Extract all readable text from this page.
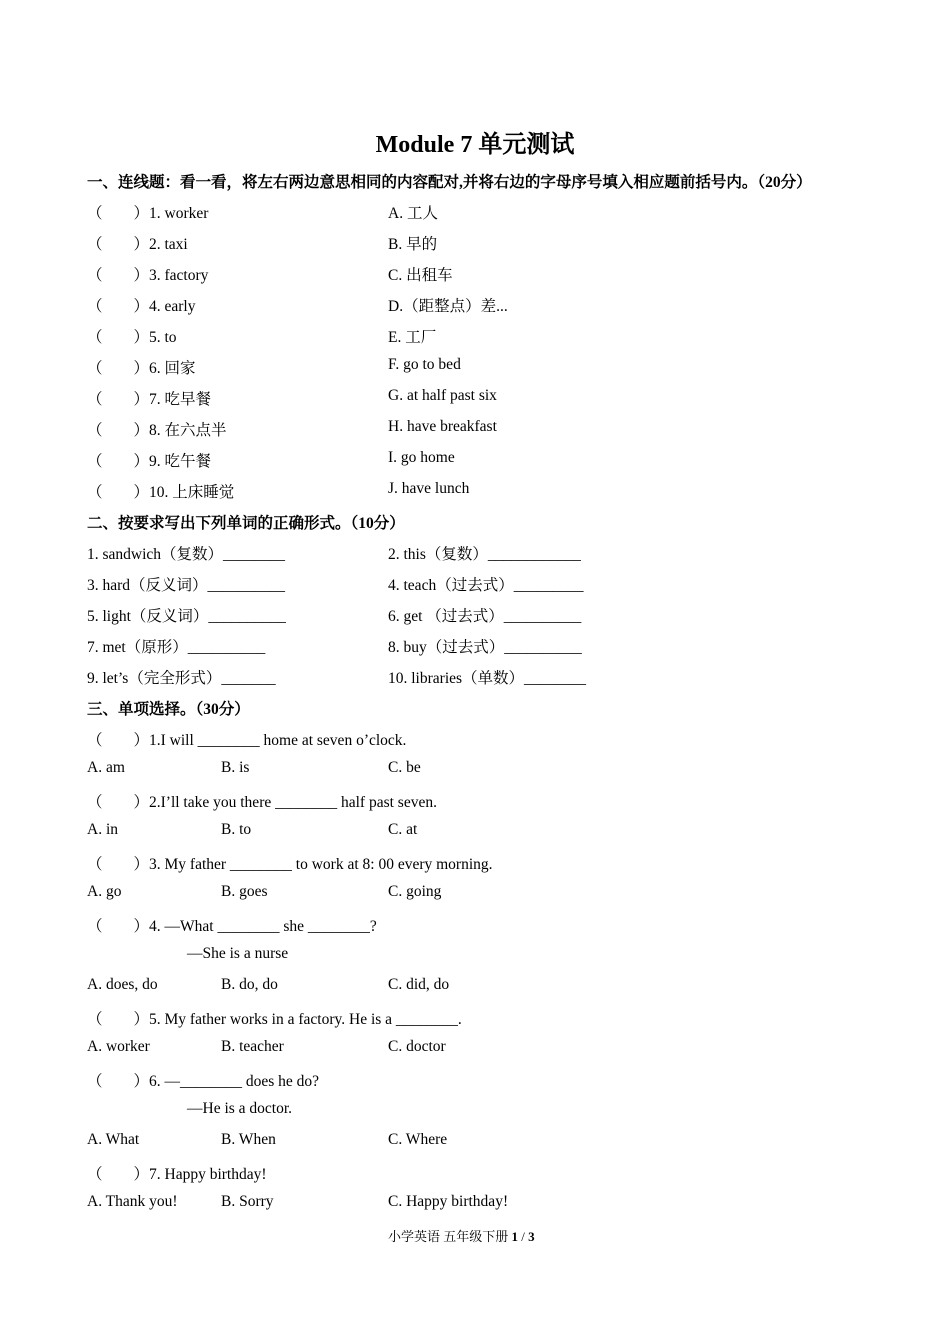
Module 7 单元测试
一、连线题：看一看，将左右两边意思相同的内容配对,并将右边的字母序号填入相应题前括号内。（20分）
（　　）1. worker	A. 工人
（　　）2. taxi	B. 早的
（　　）3. factory	C. 出租车
（　　）4. early	D.（距整点）差...
（　　）5. to	E. 工厂
（　　）6. 回家	F. go to bed
（　　）7. 吃早餐	G. at half past six
（　　）8. 在六点半	H. have breakfast
（　　）9. 吃午餐	I. go home
（　　）10. 上床睡觉	J. have lunch
二、按要求写出下列单词的正确形式。（10分）
1. sandwich（复数）________	2. this（复数）____________
3. hard（反义词）__________	4. teach（过去式）_________
5. light（反义词）__________	6. get （过去式）__________
7. met（原形）__________	8. buy（过去式）__________
9. let’s（完全形式）_______	10. libraries（单数）________
三、单项选择。（30分）
（　　）1.I will ________ home at seven o’clock.
A. am	B. is	C. be
（　　）2.I’ll take you there ________ half past seven.
A. in	B. to	C. at
（　　）3. My father ________ to work at 8: 00 every morning.
A. go	B. goes	C. going
（　　）4. —What ________ she ________?
—She is a nurse
A. does, do	B. do, do	C. did, do
（　　）5. My father works in a factory. He is a ________.
A. worker	B. teacher	C. doctor
（　　）6. —________ does he do?
—He is a doctor.
A. What	B. When	C. Where
（　　）7. Happy birthday!
A. Thank you!	B. Sorry	C. Happy birthday!
小学英语 五年级下册 1 / 3
